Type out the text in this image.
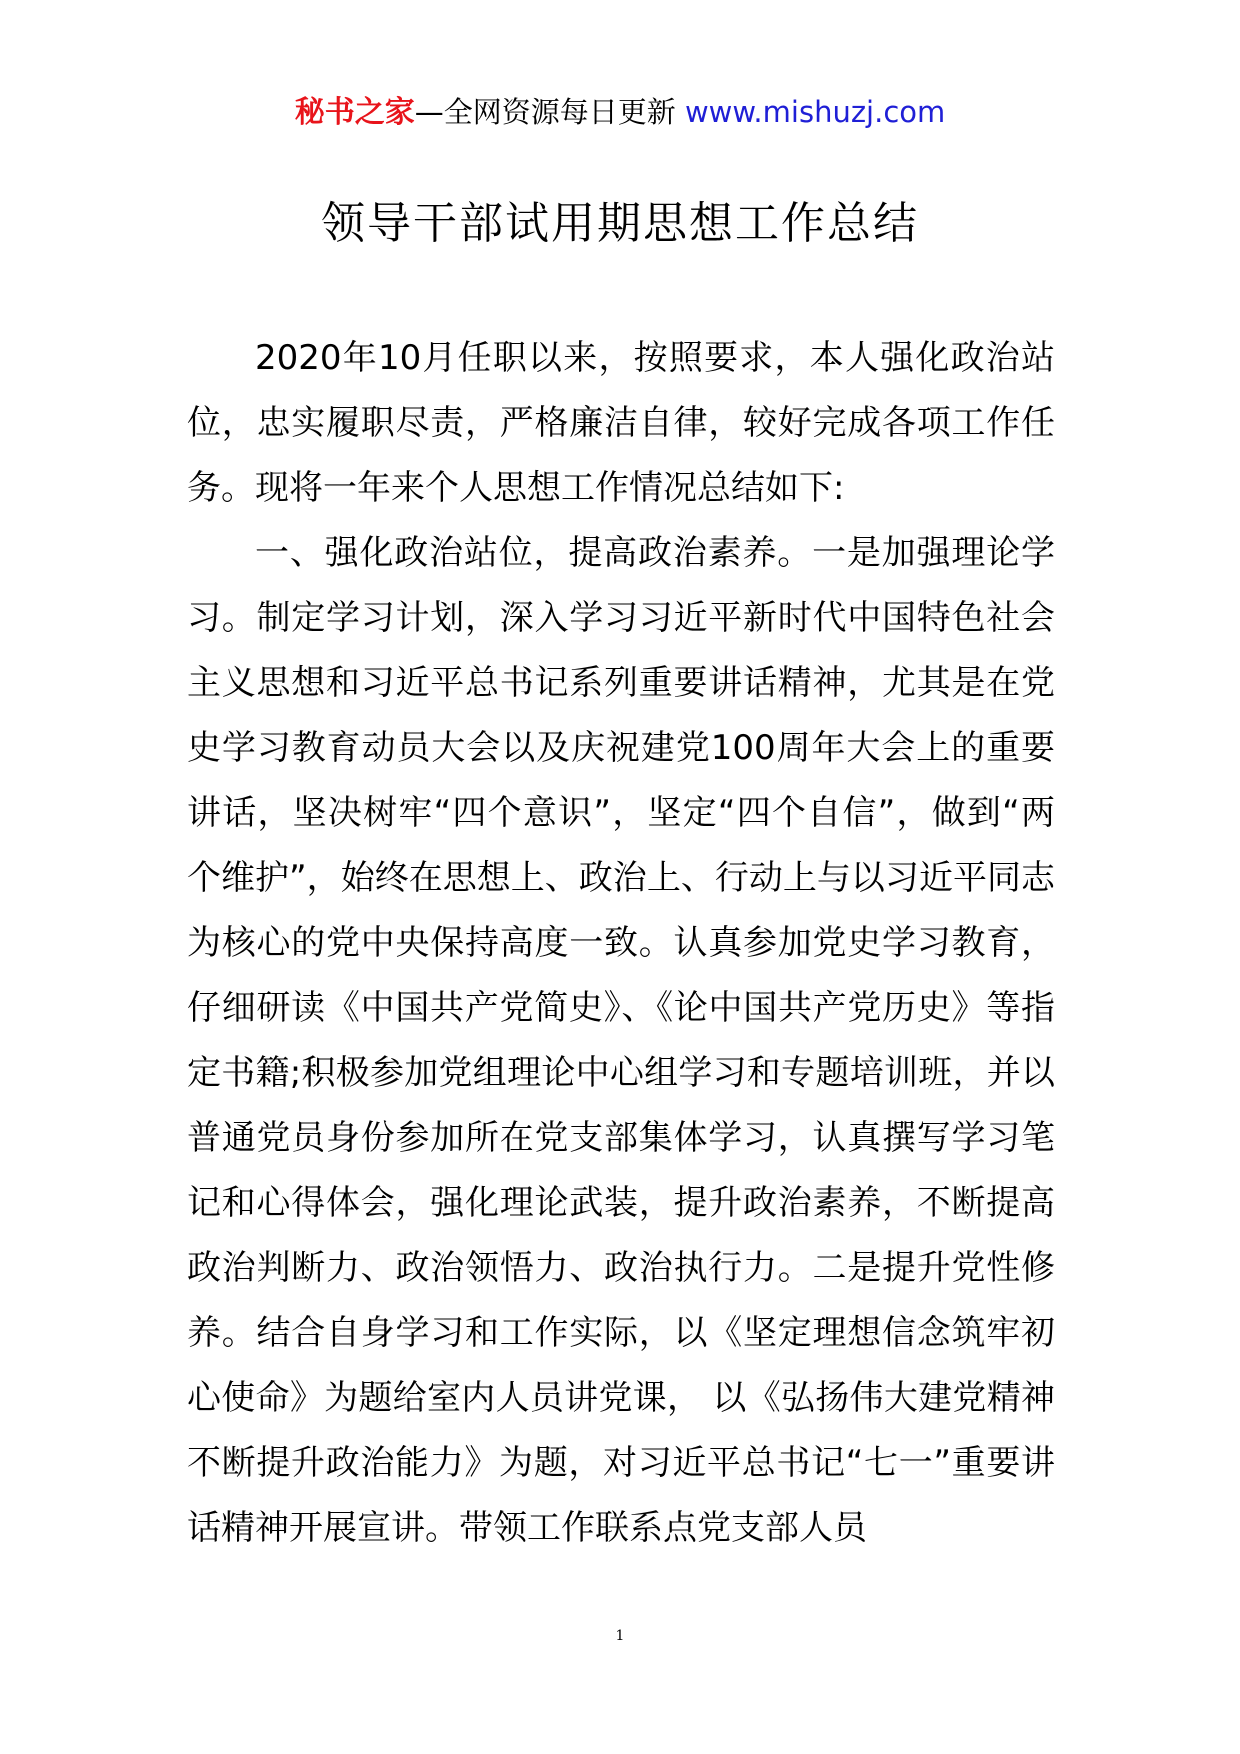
秘书之家—全网资源每日更新 www.mishuzj.com
领导干部试用期思想工作总结

2020年10月任职以来，按照要求，本人强化政治站位，忠实履职尽责，严格廉洁自律，较好完成各项工作任务。现将一年来个人思想工作情况总结如下:

一、强化政治站位，提高政治素养。一是加强理论学习。制定学习计划，深入学习习近平新时代中国特色社会主义思想和习近平总书记系列重要讲话精神，尤其是在党史学习教育动员大会以及庆祝建党100周年大会上的重要讲话，坚决树牢“四个意识”，坚定“四个自信”，做到“两个维护”，始终在思想上、政治上、行动上与以习近平同志为核心的党中央保持高度一致。认真参加党史学习教育，仔细研读《中国共产党简史》、《论中国共产党历史》等指定书籍;积极参加党组理论中心组学习和专题培训班，并以普通党员身份参加所在党支部集体学习，认真撰写学习笔记和心得体会，强化理论武装，提升政治素养，不断提高政治判断力、政治领悟力、政治执行力。二是提升党性修养。结合自身学习和工作实际，以《坚定理想信念筑牢初心使命》为题给室内人员讲党课， 以《弘扬伟大建党精神不断提升政治能力》为题，对习近平总书记“七一”重要讲话精神开展宣讲。带领工作联系点党支部人员

1
